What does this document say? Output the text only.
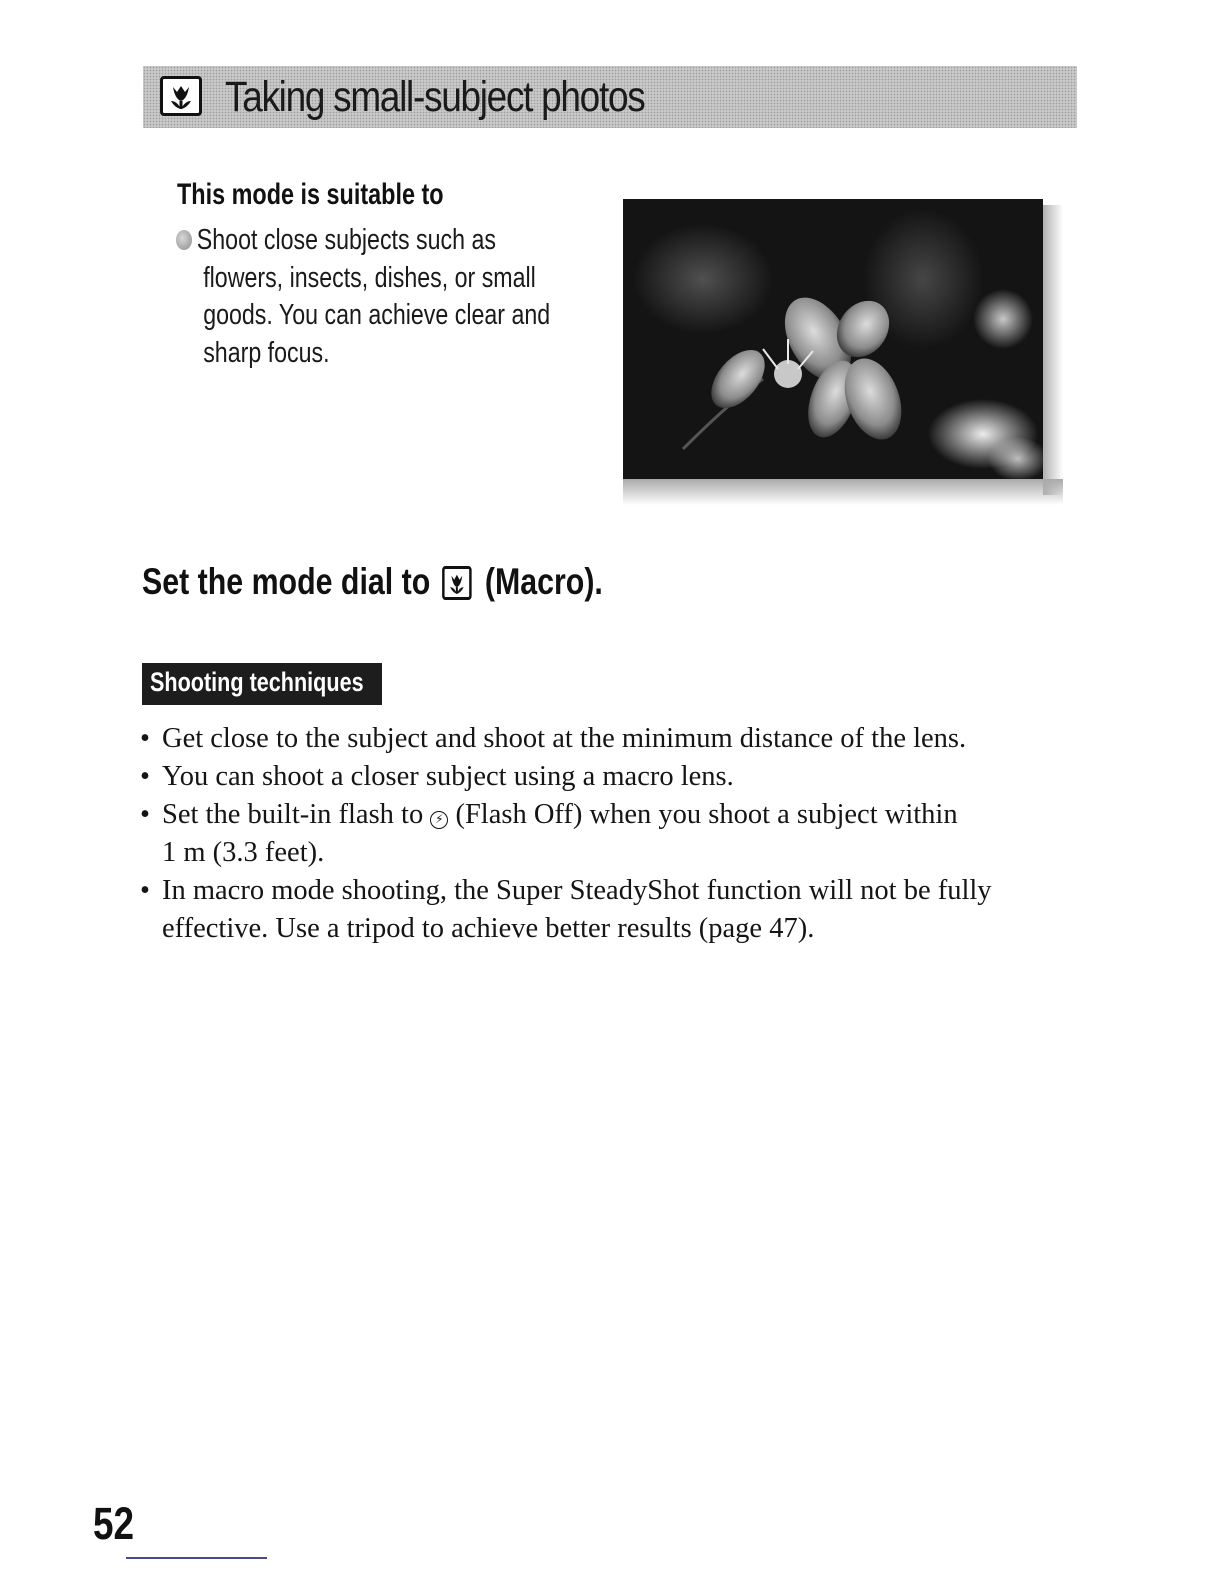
Taking small-subject photos
This mode is suitable to
Shoot close subjects such as
flowers, insects, dishes, or small
goods. You can achieve clear and
sharp focus.
Set the mode dial to (Macro).
Shooting techniques
• Get close to the subject and shoot at the minimum distance of the lens.
• You can shoot a closer subject using a macro lens.
• Set the built-in flash to ⚡ (Flash Off) when you shoot a subject within
1 m (3.3 feet).
• In macro mode shooting, the Super SteadyShot function will not be fully
effective. Use a tripod to achieve better results (page 47).
52
